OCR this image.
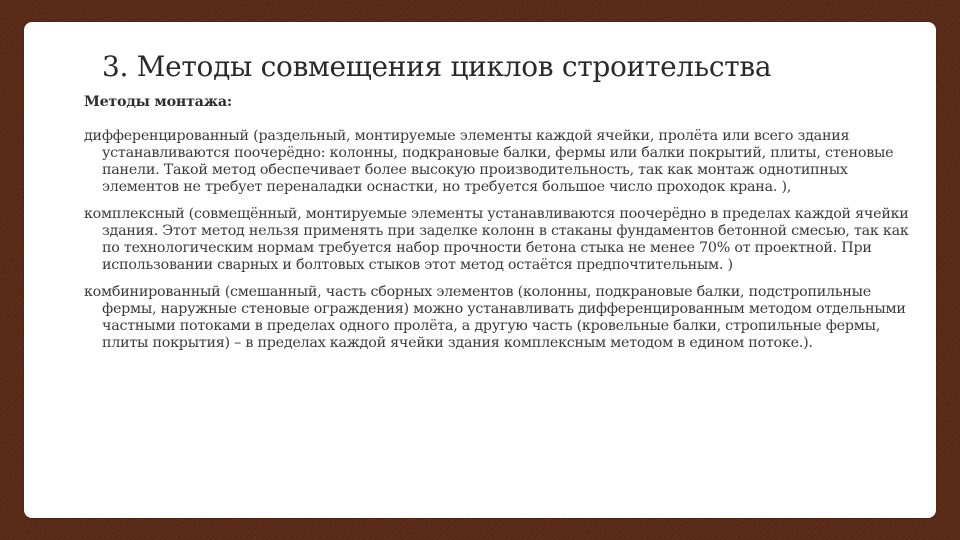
3. Методы совмещения циклов строительства

Методы монтажа:

дифференцированный (раздельный, монтируемые элементы каждой ячейки, пролёта или всего здания устанавливаются поочерёдно: колонны, подкрановые балки, фермы или балки покрытий, плиты, стеновые панели. Такой метод обеспечивает более высокую производительность, так как монтаж однотипных элементов не требует переналадки оснастки, но требуется большое число проходок крана. ),

комплексный (совмещённый, монтируемые элементы устанавливаются поочерёдно в пределах каждой ячейки здания. Этот метод нельзя применять при заделке колонн в стаканы фундаментов бетонной смесью, так как по технологическим нормам требуется набор прочности бетона стыка не менее 70% от проектной. При использовании сварных и болтовых стыков этот метод остаётся предпочтительным. )

комбинированный (смешанный, часть сборных элементов (колонны, подкрановые балки, подстропильные фермы, наружные стеновые ограждения) можно устанавливать дифференцированным методом отдельными частными потоками в пределах одного пролёта, а другую часть (кровельные балки, стропильные фермы, плиты покрытия) – в пределах каждой ячейки здания комплексным методом в едином потоке.).
